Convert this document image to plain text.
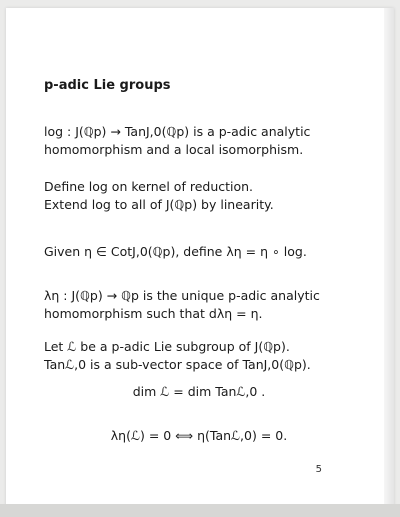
p-adic Lie groups
log : J(ℚp) → TanJ,0(ℚp) is a p-adic analytic
homomorphism and a local isomorphism.
Define log on kernel of reduction.
Extend log to all of J(ℚp) by linearity.
Given η ∈ CotJ,0(ℚp), define λη = η ∘ log.
λη : J(ℚp) → ℚp is the unique p-adic analytic
homomorphism such that dλη = η.
Let ℒ be a p-adic Lie subgroup of J(ℚp).
Tanℒ,0 is a sub-vector space of TanJ,0(ℚp).
dim ℒ = dim Tanℒ,0 .
λη(ℒ) = 0 ⟺ η(Tanℒ,0) = 0.
5
